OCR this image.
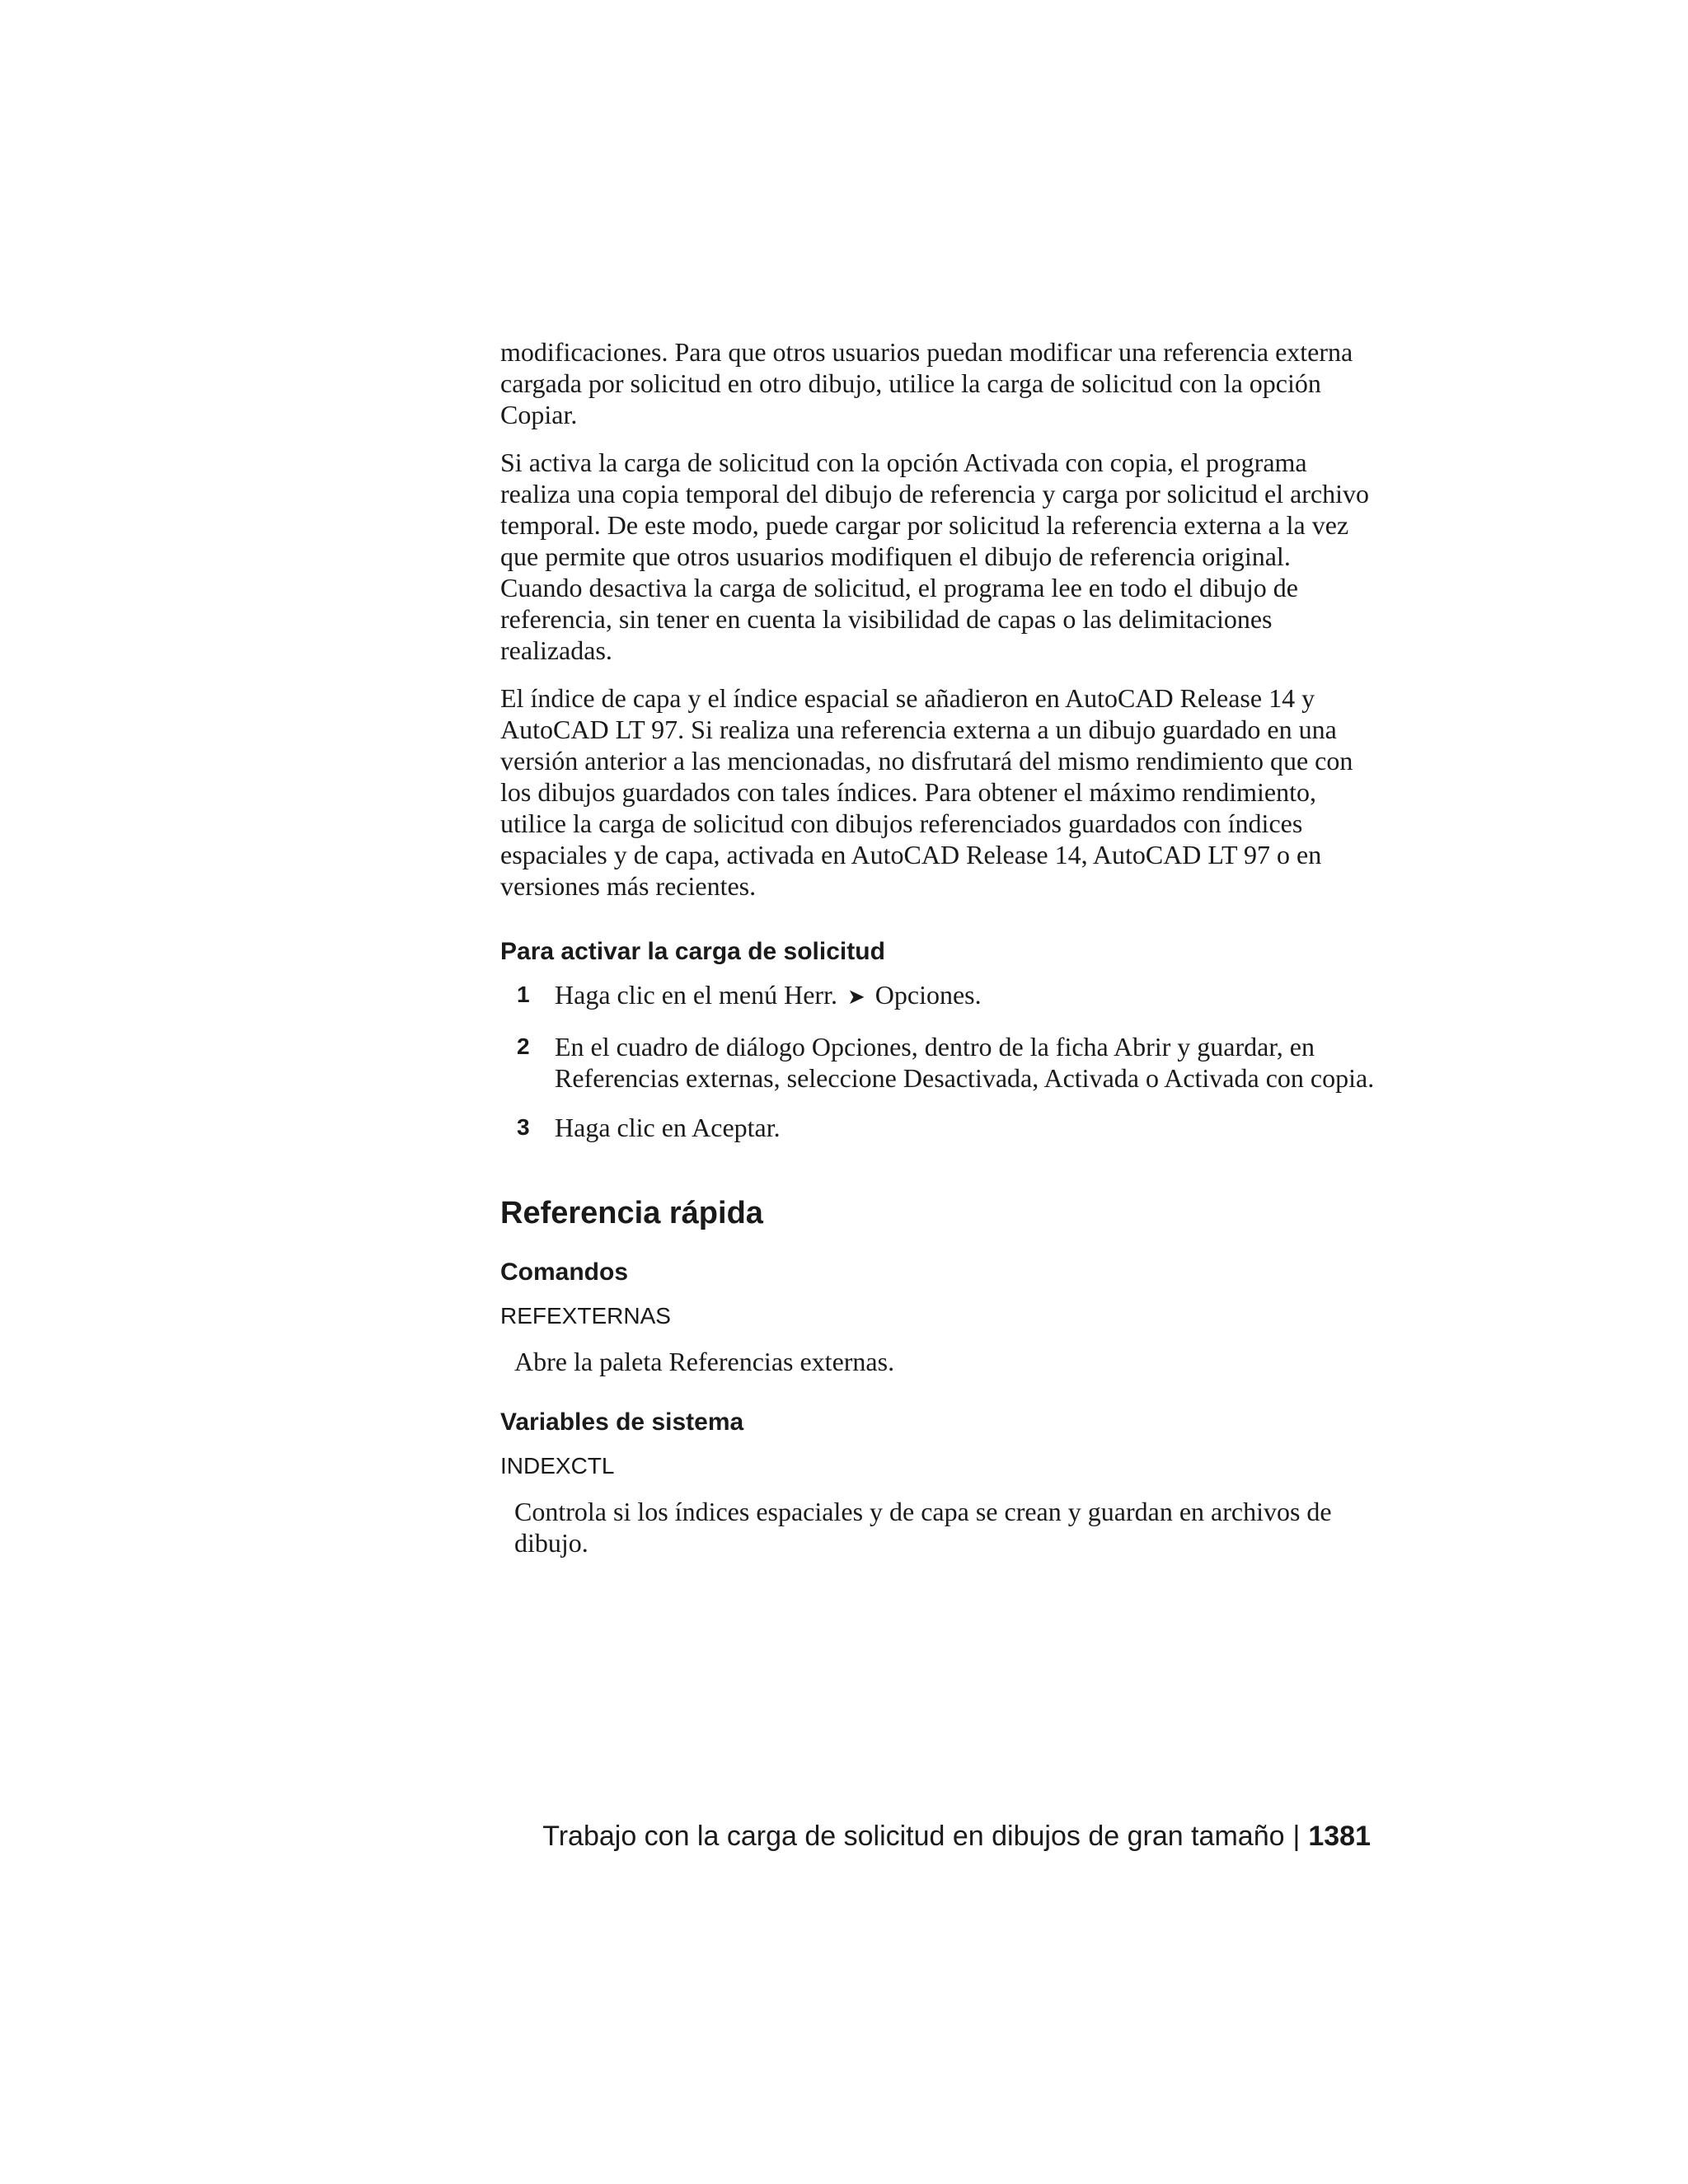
modificaciones. Para que otros usuarios puedan modificar una referencia externa cargada por solicitud en otro dibujo, utilice la carga de solicitud con la opción Copiar.

Si activa la carga de solicitud con la opción Activada con copia, el programa realiza una copia temporal del dibujo de referencia y carga por solicitud el archivo temporal. De este modo, puede cargar por solicitud la referencia externa a la vez que permite que otros usuarios modifiquen el dibujo de referencia original. Cuando desactiva la carga de solicitud, el programa lee en todo el dibujo de referencia, sin tener en cuenta la visibilidad de capas o las delimitaciones realizadas.

El índice de capa y el índice espacial se añadieron en AutoCAD Release 14 y AutoCAD LT 97. Si realiza una referencia externa a un dibujo guardado en una versión anterior a las mencionadas, no disfrutará del mismo rendimiento que con los dibujos guardados con tales índices. Para obtener el máximo rendimiento, utilice la carga de solicitud con dibujos referenciados guardados con índices espaciales y de capa, activada en AutoCAD Release 14, AutoCAD LT 97 o en versiones más recientes.

Para activar la carga de solicitud
1 Haga clic en el menú Herr. ➤ Opciones.
2 En el cuadro de diálogo Opciones, dentro de la ficha Abrir y guardar, en Referencias externas, seleccione Desactivada, Activada o Activada con copia.
3 Haga clic en Aceptar.
Referencia rápida
Comandos
REFEXTERNAS

Abre la paleta Referencias externas.

Variables de sistema
INDEXCTL

Controla si los índices espaciales y de capa se crean y guardan en archivos de dibujo.

Trabajo con la carga de solicitud en dibujos de gran tamaño | 1381
